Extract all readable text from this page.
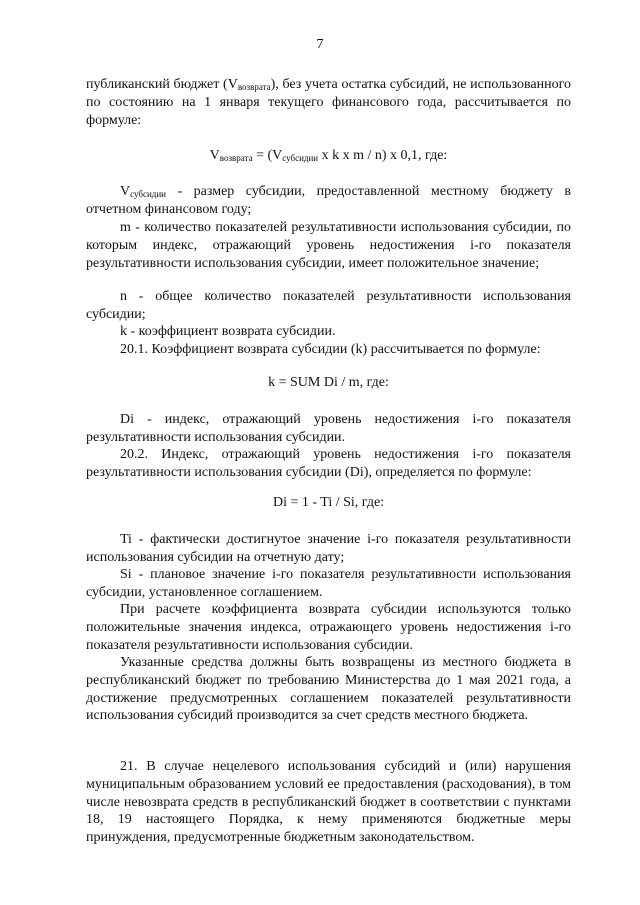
7

публиканский бюджет $(V_{возврата})$, без учета остатка субсидий, не использованного по состоянию на 1 января текущего финансового года, рассчитывается по формуле:

$V_{возврата} = (V_{субсидии}$ x k x m / n) x 0,1, где:

$V_{субсидии}$ - размер субсидии, предоставленной местному бюджету в отчетном финансовом году;

m - количество показателей результативности использования субсидии, по которым индекс, отражающий уровень недостижения i-го показателя результативности использования субсидии, имеет положительное значение;

n - общее количество показателей результативности использования субсидии;

k - коэффициент возврата субсидии.

20.1. Коэффициент возврата субсидии (k) рассчитывается по формуле:

k = SUM Di / m, где:

Di - индекс, отражающий уровень недостижения i-го показателя результативности использования субсидии.

20.2. Индекс, отражающий уровень недостижения i-го показателя результативности использования субсидии (Di), определяется по формуле:

Di = 1 - Ti / Si, где:

Ti - фактически достигнутое значение i-го показателя результативности использования субсидии на отчетную дату;

Si - плановое значение i-го показателя результативности использования субсидии, установленное соглашением.

При расчете коэффициента возврата субсидии используются только положительные значения индекса, отражающего уровень недостижения i-го показателя результативности использования субсидии.

Указанные средства должны быть возвращены из местного бюджета в республиканский бюджет по требованию Министерства до 1 мая 2021 года, а достижение предусмотренных соглашением показателей результативности использования субсидий производится за счет средств местного бюджета.

21. В случае нецелевого использования субсидий и (или) нарушения муниципальным образованием условий ее предоставления (расходования), в том числе невозврата средств в республиканский бюджет в соответствии с пунктами 18, 19 настоящего Порядка, к нему применяются бюджетные меры принуждения, предусмотренные бюджетным законодательством.
